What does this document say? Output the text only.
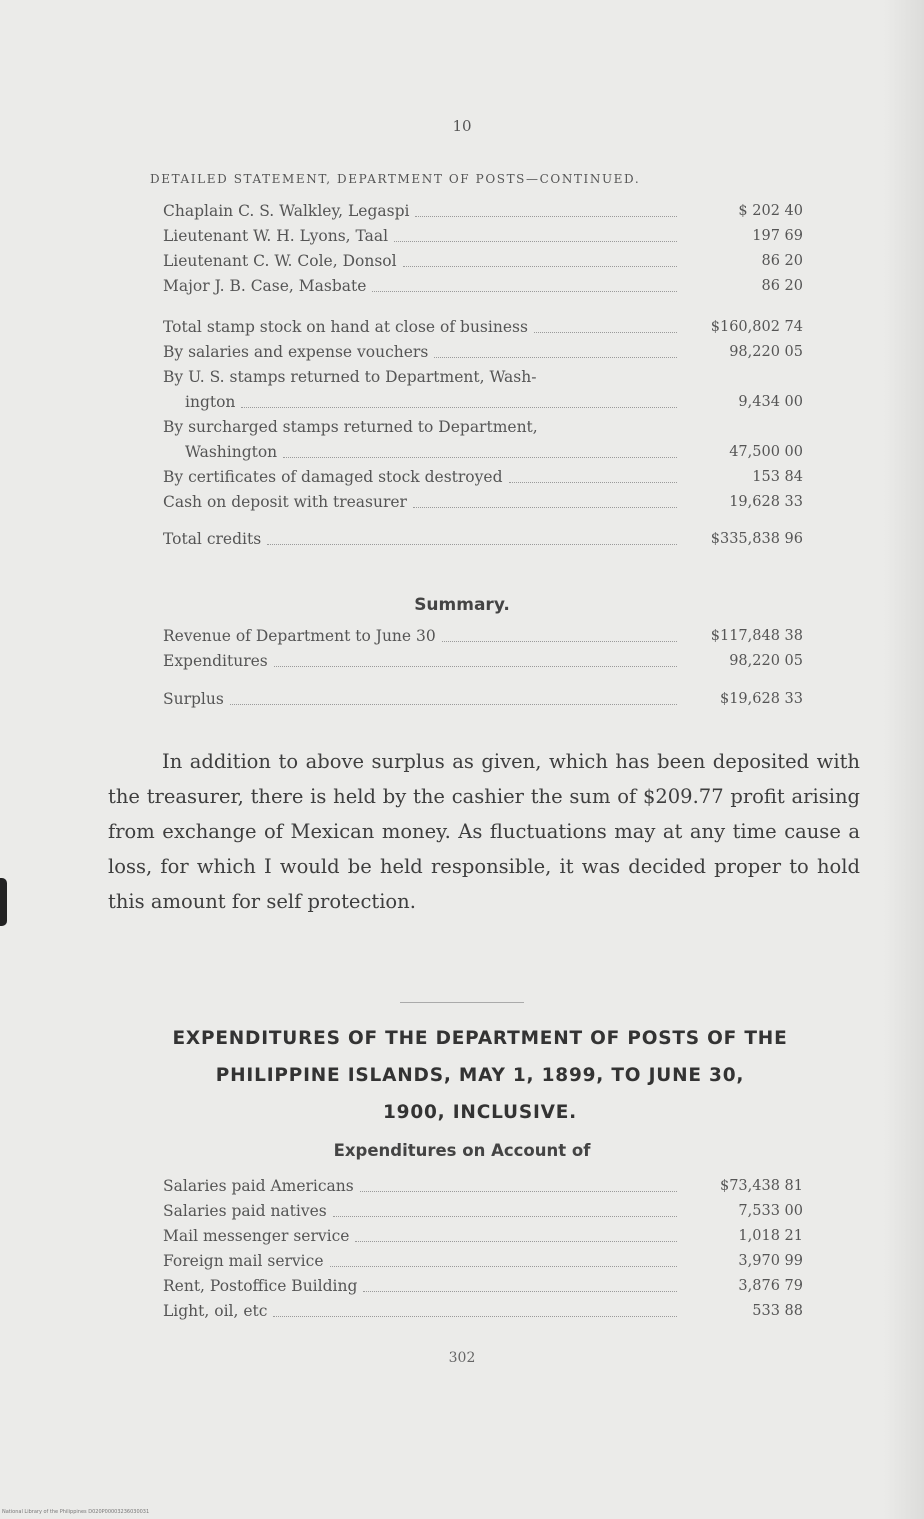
10
DETAILED STATEMENT, DEPARTMENT OF POSTS—CONTINUED.
Chaplain C. S. Walkley, Legaspi	$ 202 40
Lieutenant W. H. Lyons, Taal	197 69
Lieutenant C. W. Cole, Donsol	86 20
Major J. B. Case, Masbate	86 20
Total stamp stock on hand at close of business	$160,802 74
By salaries and expense vouchers	98,220 05
By U. S. stamps returned to Department, Wash-
ington	9,434 00
By surcharged stamps returned to Department,
Washington	47,500 00
By certificates of damaged stock destroyed	153 84
Cash on deposit with treasurer	19,628 33
Total credits	$335,838 96
Summary.
Revenue of Department to June 30	$117,848 38
Expenditures	98,220 05
Surplus	$19,628 33

In addition to above surplus as given, which has been deposited with the treasurer, there is held by the cashier the sum of $209.77 profit arising from exchange of Mexican money. As fluctuations may at any time cause a loss, for which I would be held responsible, it was decided proper to hold this amount for self protection.

EXPENDITURES OF THE DEPARTMENT OF POSTS OF THE
PHILIPPINE ISLANDS, MAY 1, 1899, TO JUNE 30,
1900, INCLUSIVE.
Expenditures on Account of
Salaries paid Americans	$73,438 81
Salaries paid natives	7,533 00
Mail messenger service	1,018 21
Foreign mail service	3,970 99
Rent, Postoffice Building	3,876 79
Light, oil, etc	533 88
302
National Library of the Philippines D020P00003236030031
